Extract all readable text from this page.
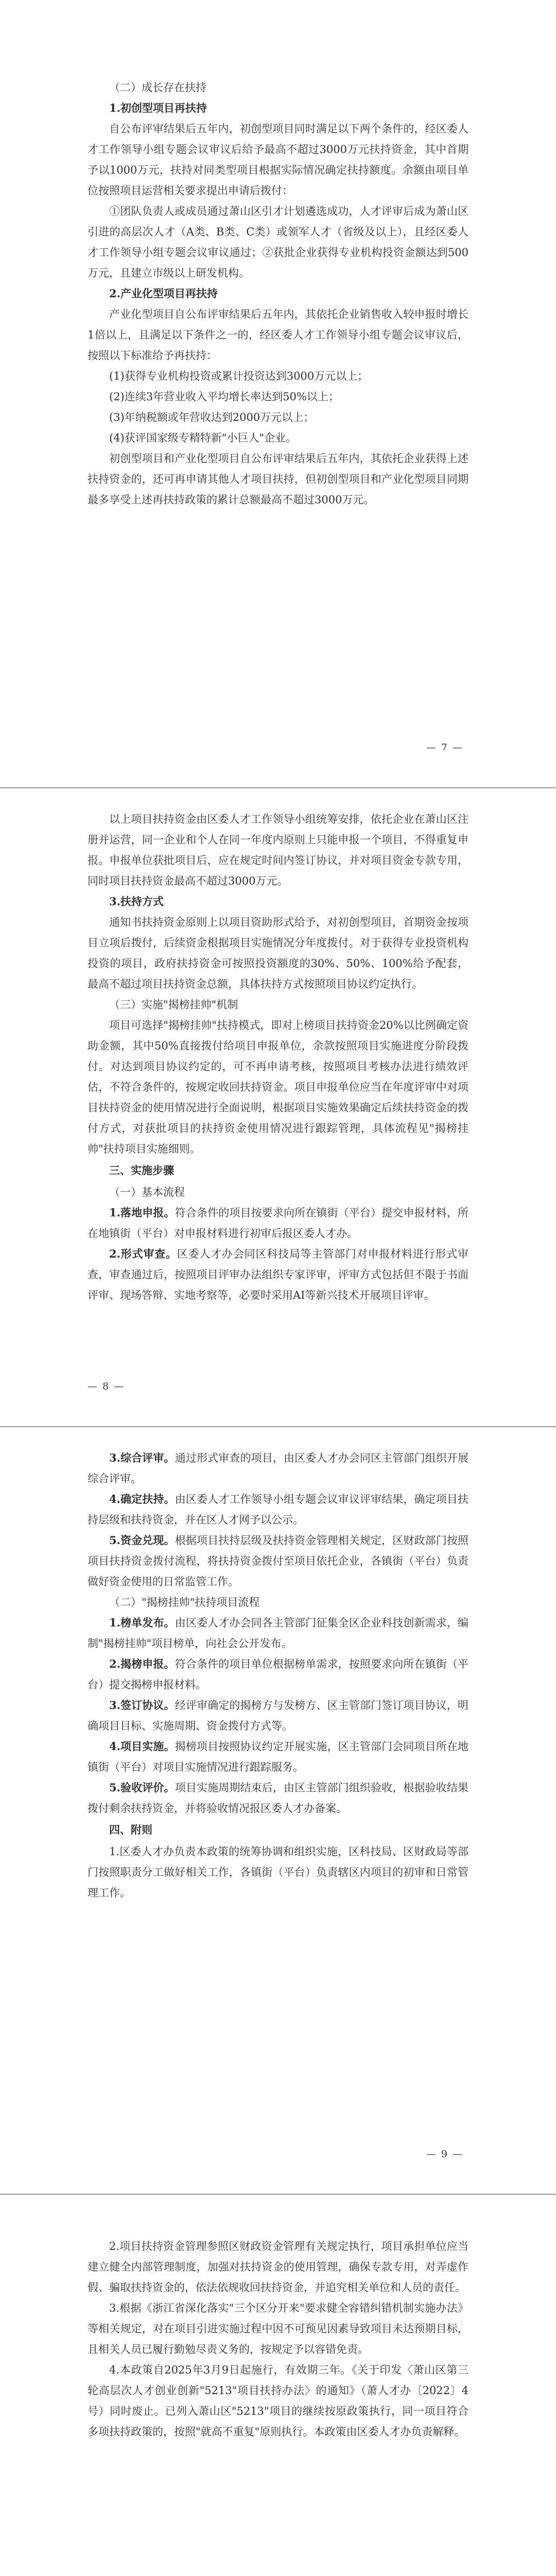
（二）成长存在扶持

1.初创型项目再扶持

自公布评审结果后五年内，初创型项目同时满足以下两个条件的，经区委人才工作领导小组专题会议审议后给予最高不超过3000万元扶持资金，其中首期予以1000万元，扶持对同类型项目根据实际情况确定扶持额度。余额由项目单位按照项目运营相关要求提出申请后拨付：

①团队负责人或成员通过萧山区引才计划遴选成功，人才评审后成为萧山区引进的高层次人才（A类、B类、C类）或领军人才（省级及以上），且经区委人才工作领导小组专题会议审议通过；②获批企业获得专业机构投资金额达到500万元，且建立市级以上研发机构。

2.产业化型项目再扶持

产业化型项目自公布评审结果后五年内，其依托企业销售收入较申报时增长1倍以上，且满足以下条件之一的，经区委人才工作领导小组专题会议审议后，按照以下标准给予再扶持：

(1)获得专业机构投资或累计投资达到3000万元以上；

(2)连续3年营业收入平均增长率达到50%以上；

(3)年纳税额或年营收达到2000万元以上；

(4)获评国家级专精特新"小巨人"企业。

初创型项目和产业化型项目自公布评审结果后五年内，其依托企业获得上述扶持资金的，还可再申请其他人才项目扶持，但初创型项目和产业化型项目同期最多享受上述再扶持政策的累计总额最高不超过3000万元。

— 7 —

以上项目扶持资金由区委人才工作领导小组统筹安排，依托企业在萧山区注册并运营，同一企业和个人在同一年度内原则上只能申报一个项目，不得重复申报。申报单位获批项目后，应在规定时间内签订协议，并对项目资金专款专用，同时项目扶持资金最高不超过3000万元。

3.扶持方式

通知书扶持资金原则上以项目资助形式给予，对初创型项目，首期资金按项目立项后拨付，后续资金根据项目实施情况分年度拨付。对于获得专业投资机构投资的项目，政府扶持资金可按照投资额度的30%、50%、100%给予配套，最高不超过项目扶持资金总额，具体扶持方式按照项目协议约定执行。

（三）实施"揭榜挂帅"机制

项目可选择"揭榜挂帅"扶持模式，即对上榜项目扶持资金20%以比例确定资助金额，其中50%直接拨付给项目申报单位，余款按照项目实施进度分阶段拨付。对达到项目协议约定的，可不再申请考核，按照项目考核办法进行绩效评估，不符合条件的，按规定收回扶持资金。项目申报单位应当在年度评审中对项目扶持资金的使用情况进行全面说明，根据项目实施效果确定后续扶持资金的拨付方式，对获批项目的扶持资金使用情况进行跟踪管理，具体流程见"揭榜挂帅"扶持项目实施细则。

三、实施步骤

（一）基本流程

1.落地申报。符合条件的项目按要求向所在镇街（平台）提交申报材料，所在地镇街（平台）对申报材料进行初审后报区委人才办。

2.形式审查。区委人才办会同区科技局等主管部门对申报材料进行形式审查，审查通过后，按照项目评审办法组织专家评审，评审方式包括但不限于书面评审、现场答辩、实地考察等，必要时采用AI等新兴技术开展项目评审。

— 8 —

3.综合评审。通过形式审查的项目，由区委人才办会同区主管部门组织开展综合评审。

4.确定扶持。由区委人才工作领导小组专题会议审议评审结果，确定项目扶持层级和扶持资金，并在区人才网予以公示。

5.资金兑现。根据项目扶持层级及扶持资金管理相关规定，区财政部门按照项目扶持资金拨付流程，将扶持资金拨付至项目依托企业，各镇街（平台）负责做好资金使用的日常监管工作。

（二）"揭榜挂帅"扶持项目流程

1.榜单发布。由区委人才办会同各主管部门征集全区企业科技创新需求，编制"揭榜挂帅"项目榜单，向社会公开发布。

2.揭榜申报。符合条件的项目单位根据榜单需求，按照要求向所在镇街（平台）提交揭榜申报材料。

3.签订协议。经评审确定的揭榜方与发榜方、区主管部门签订项目协议，明确项目目标、实施周期、资金拨付方式等。

4.项目实施。揭榜项目按照协议约定开展实施，区主管部门会同项目所在地镇街（平台）对项目实施情况进行跟踪服务。

5.验收评价。项目实施周期结束后，由区主管部门组织验收，根据验收结果拨付剩余扶持资金，并将验收情况报区委人才办备案。

四、附则

1.区委人才办负责本政策的统筹协调和组织实施，区科技局、区财政局等部门按照职责分工做好相关工作，各镇街（平台）负责辖区内项目的初审和日常管理工作。

— 9 —

2.项目扶持资金管理参照区财政资金管理有关规定执行，项目承担单位应当建立健全内部管理制度，加强对扶持资金的使用管理，确保专款专用，对弄虚作假、骗取扶持资金的，依法依规收回扶持资金，并追究相关单位和人员的责任。

3.根据《浙江省深化落实"三个区分开来"要求健全容错纠错机制实施办法》等相关规定，对在项目引进实施过程中因不可预见因素导致项目未达预期目标，且相关人员已履行勤勉尽责义务的，按规定予以容错免责。

4.本政策自2025年3月9日起施行，有效期三年。《关于印发〈萧山区第三轮高层次人才创业创新"5213"项目扶持办法〉的通知》（萧人才办〔2022〕4号）同时废止。已列入萧山区"5213"项目的继续按原政策执行，同一项目符合多项扶持政策的，按照"就高不重复"原则执行。本政策由区委人才办负责解释。
